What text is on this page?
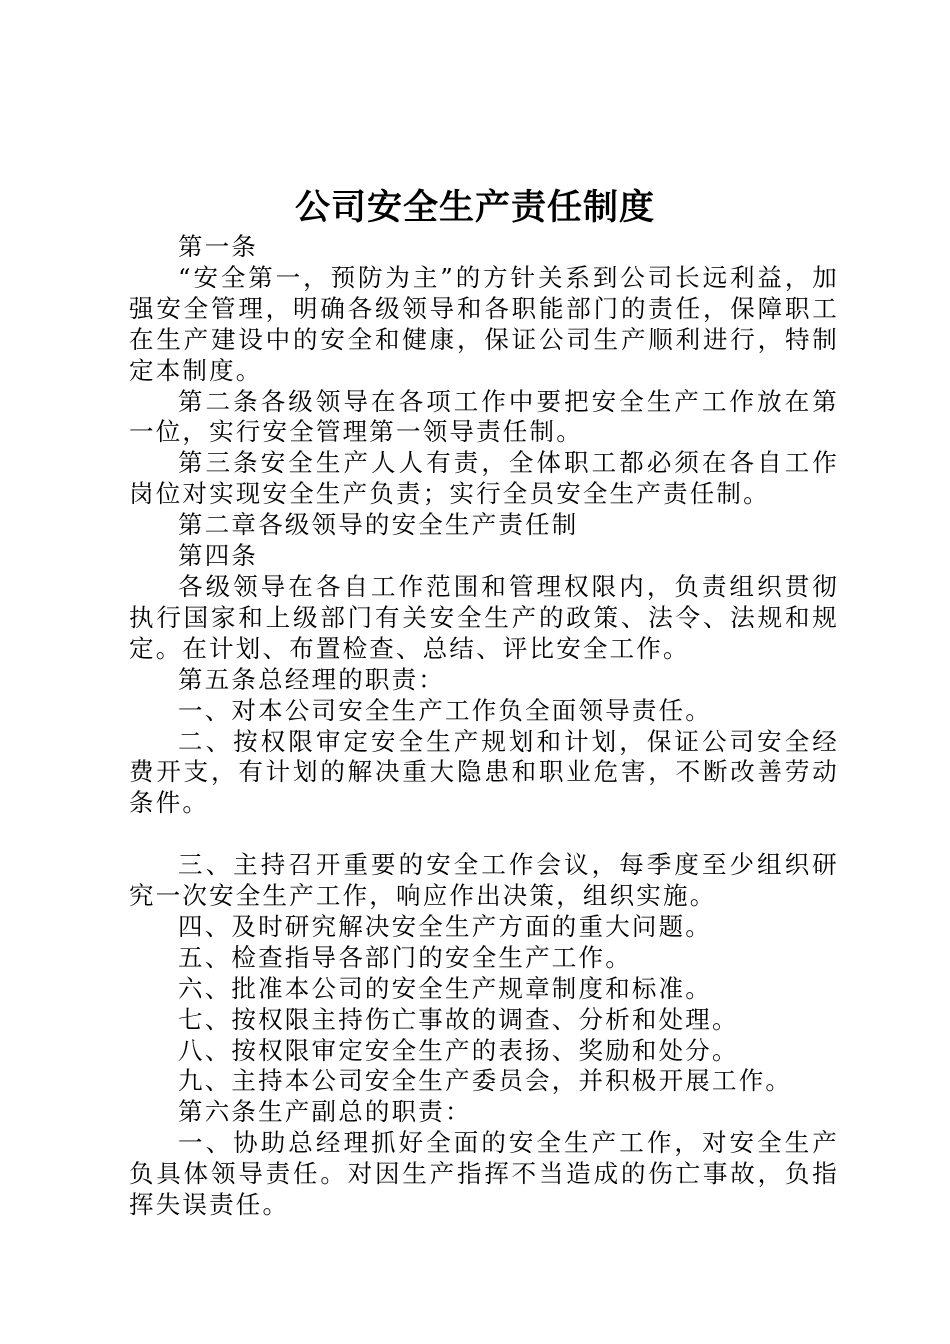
公司安全生产责任制度

第一条

“安全第一，预防为主”的方针关系到公司长远利益，加强安全管理，明确各级领导和各职能部门的责任，保障职工在生产建设中的安全和健康，保证公司生产顺利进行，特制定本制度。

第二条各级领导在各项工作中要把安全生产工作放在第一位，实行安全管理第一领导责任制。

第三条安全生产人人有责，全体职工都必须在各自工作岗位对实现安全生产负责；实行全员安全生产责任制。

第二章各级领导的安全生产责任制

第四条

各级领导在各自工作范围和管理权限内，负责组织贯彻执行国家和上级部门有关安全生产的政策、法令、法规和规定。在计划、布置检查、总结、评比安全工作。

第五条总经理的职责：

一、对本公司安全生产工作负全面领导责任。

二、按权限审定安全生产规划和计划，保证公司安全经费开支，有计划的解决重大隐患和职业危害，不断改善劳动条件。

三、主持召开重要的安全工作会议，每季度至少组织研究一次安全生产工作，响应作出决策，组织实施。

四、及时研究解决安全生产方面的重大问题。

五、检查指导各部门的安全生产工作。

六、批准本公司的安全生产规章制度和标准。

七、按权限主持伤亡事故的调查、分析和处理。

八、按权限审定安全生产的表扬、奖励和处分。

九、主持本公司安全生产委员会，并积极开展工作。

第六条生产副总的职责：

一、协助总经理抓好全面的安全生产工作，对安全生产负具体领导责任。对因生产指挥不当造成的伤亡事故，负指挥失误责任。
